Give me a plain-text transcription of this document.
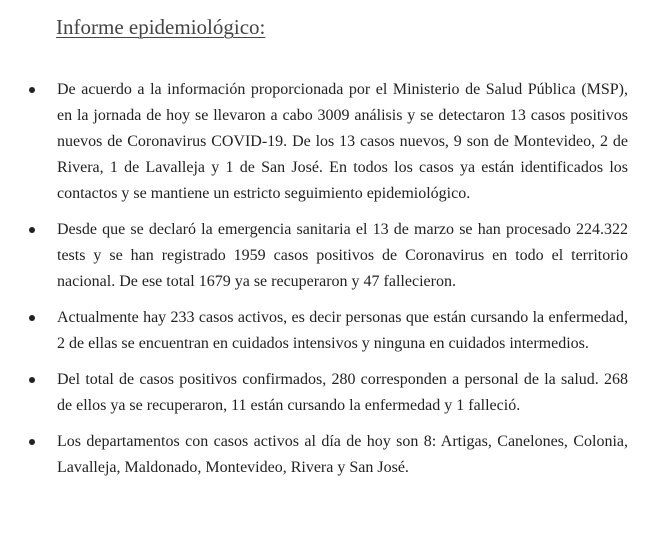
Informe epidemiológico:
De acuerdo a la información proporcionada por el Ministerio de Salud Pública (MSP), en la jornada de hoy se llevaron a cabo 3009 análisis y se detectaron 13 casos positivos nuevos de Coronavirus COVID-19. De los 13 casos nuevos, 9 son de Montevideo, 2 de Rivera, 1 de Lavalleja y 1 de San José. En todos los casos ya están identificados los contactos y se mantiene un estricto seguimiento epidemiológico.
Desde que se declaró la emergencia sanitaria el 13 de marzo se han procesado 224.322 tests y se han registrado 1959 casos positivos de Coronavirus en todo el territorio nacional. De ese total 1679 ya se recuperaron y 47 fallecieron.
Actualmente hay 233 casos activos, es decir personas que están cursando la enfermedad, 2 de ellas se encuentran en cuidados intensivos y ninguna en cuidados intermedios.
Del total de casos positivos confirmados, 280 corresponden a personal de la salud. 268 de ellos ya se recuperaron, 11 están cursando la enfermedad y 1 falleció.
Los departamentos con casos activos al día de hoy son 8: Artigas, Canelones, Colonia, Lavalleja, Maldonado, Montevideo, Rivera y San José.
